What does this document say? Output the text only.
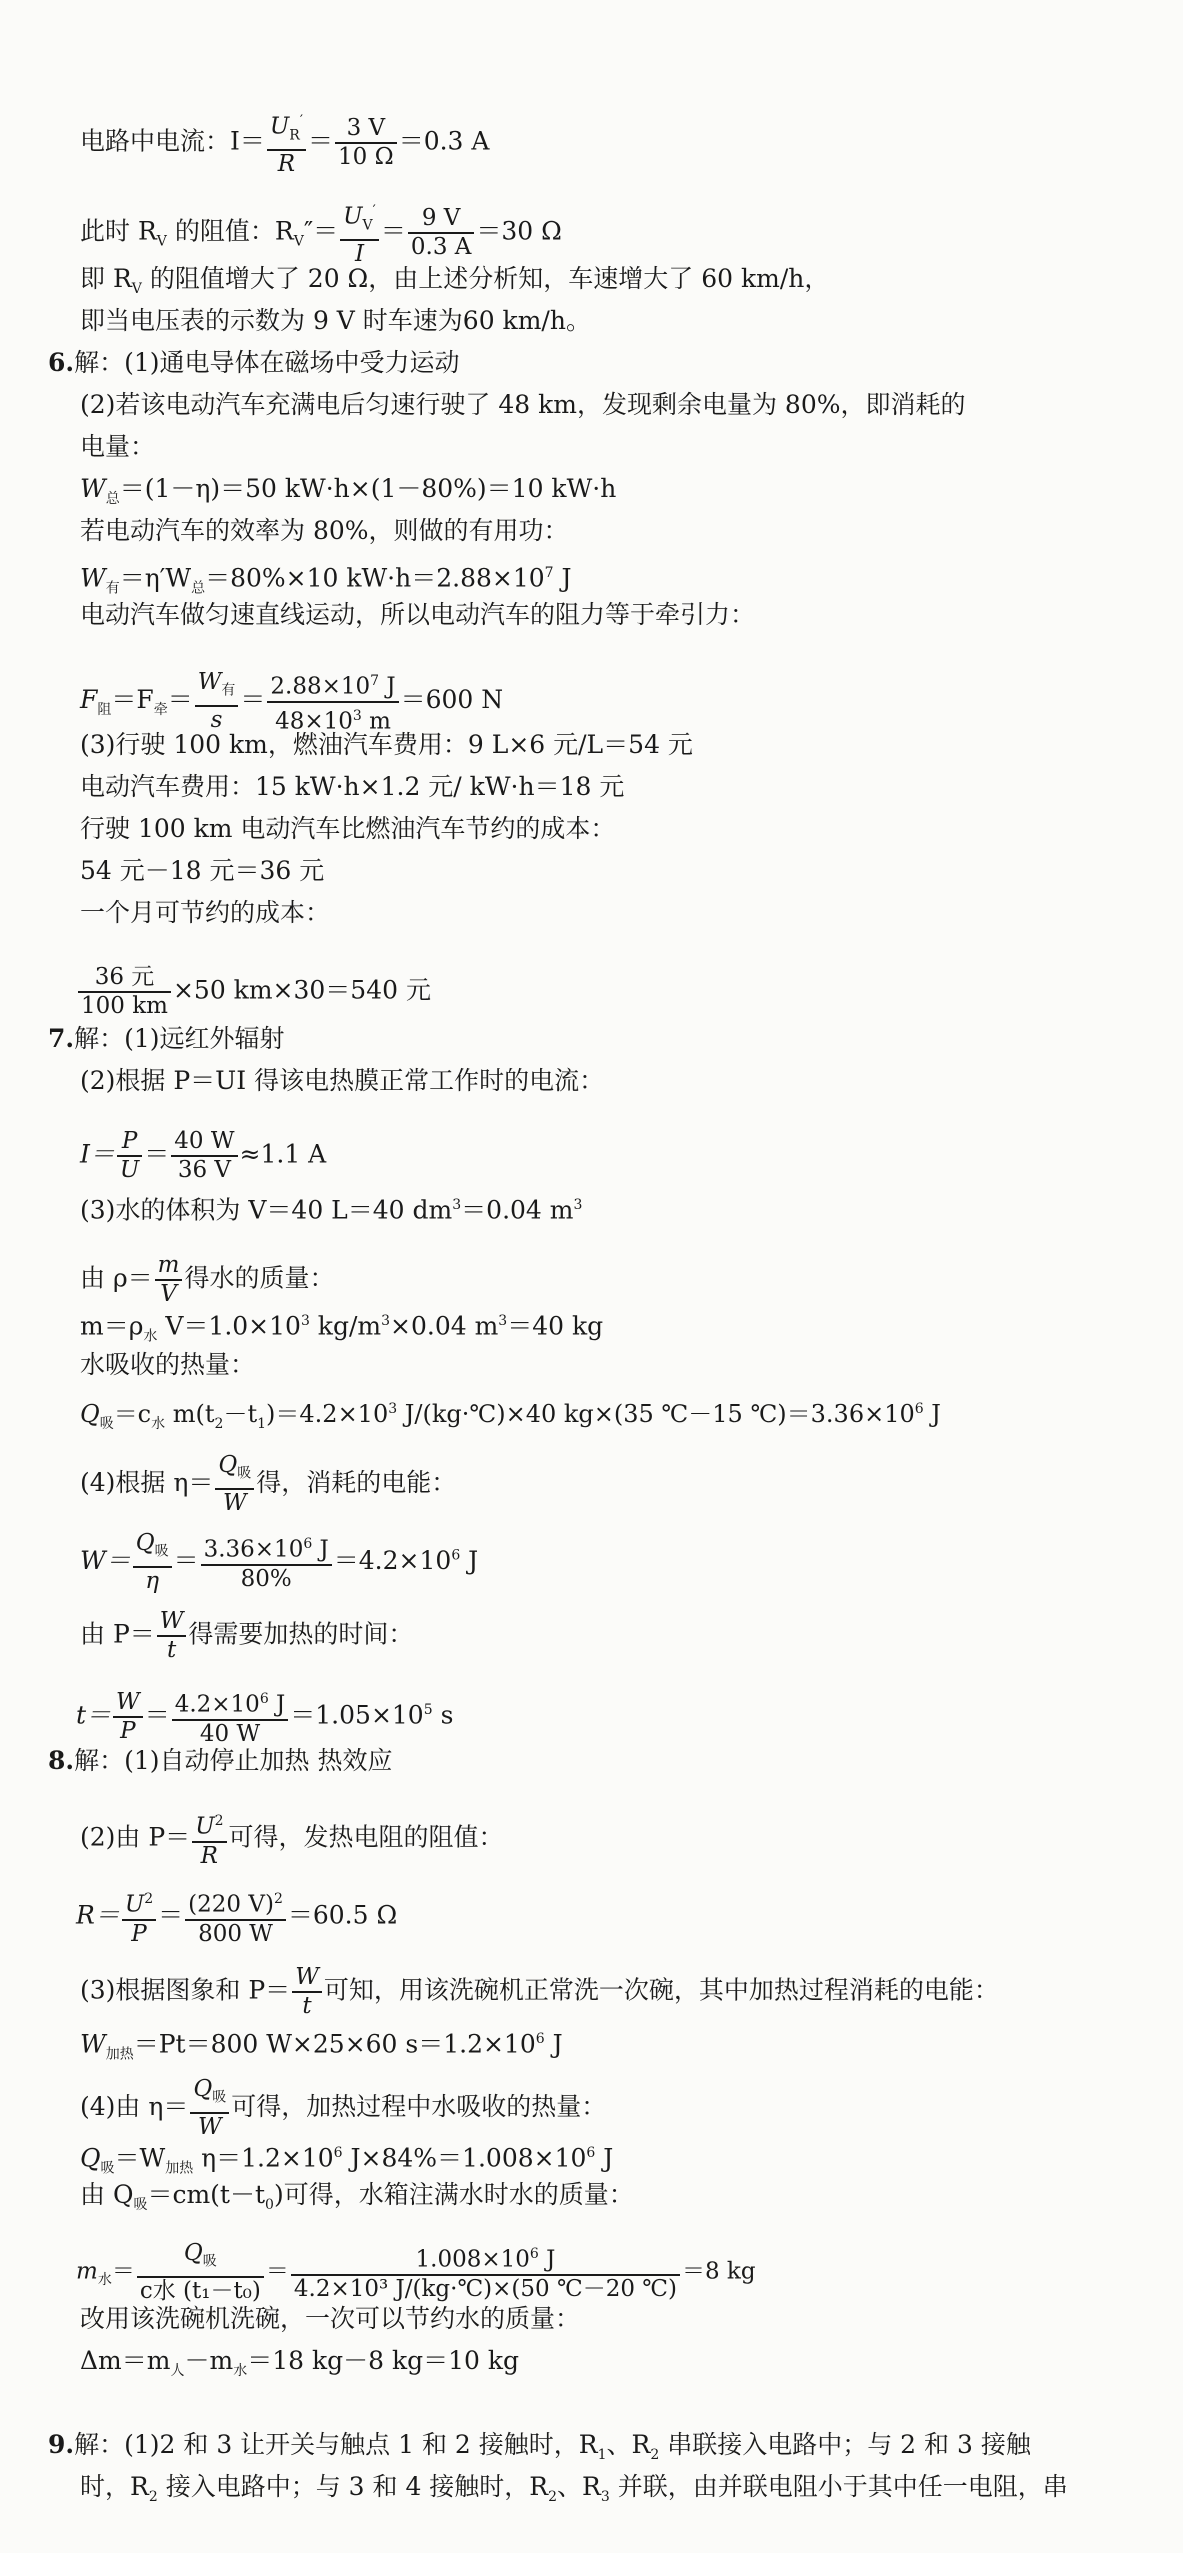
电路中电流：$I= \frac{U_R'}{R} = \frac{3 V}{10 \Omega} =0.3$ A
此时 $R_V$ 的阻值：$R_V''= \frac{U_V'}{I} = \frac{9 V}{0.3 A} =30$ Ω
即 $R_V$ 的阻值增大了 20 Ω，由上述分析知，车速增大了 60 km/h，
即当电压表的示数为 9 V 时车速为60 km/h。
6.解：(1)通电导体在磁场中受力运动
(2)若该电动汽车充满电后匀速行驶了 48 km，发现剩余电量为 80%，即消耗的
电量：
$W_总=(1-\eta)=50$ kW·h×(1－80%)＝10 kW·h
若电动汽车的效率为 80%，则做的有用功：
$W_有=\eta'W_总=80\%\times 10$ $kW\cdot h=2.88\times 10^7$ J
电动汽车做匀速直线运动，所以电动汽车的阻力等于牵引力：
$F_阻=F_牵= \frac{W_有}{s} = \frac{2.88\times 10^7 J}{48\times 10^3 m} =600$ N
(3)行驶 100 km，燃油汽车费用：9 L×6 元/L＝54 元
电动汽车费用：15 kW·h×1.2 元/ kW·h＝18 元
行驶 100 km 电动汽车比燃油汽车节约的成本：
54 元－18 元＝36 元
一个月可节约的成本：
$\frac{\text{36 元}}{100 km} \times 50$ km×30＝540 元
7.解：(1)远红外辐射
(2)根据 P＝UI 得该电热膜正常工作时的电流：
$I= \frac{P}{U} = \frac{40 W}{36 V} \approx 1.1$ A
(3)水的体积为 V＝40 L＝40 $dm^3=0.04$ $m^3$
由 $\rho= \frac{m}{V}$ 得水的质量：
$m=\rho_水$ $V=1.0\times 10^3$ $kg/m^3\times 0.04$ $m^3=40$ kg
水吸收的热量：
$Q_吸=c_水$ $m(t_2-t_1)=4.2\times 10^3$ J/(kg·℃)×40 kg×(35 ℃－15 $℃)=3.36\times 10^6$ J
(4)根据 $\eta= \frac{Q_吸}{W}$ 得，消耗的电能：
$W= \frac{Q_吸}{\eta} = \frac{3.36\times 10^6 J}{80\%} =4.2\times 10^6$ J
由 $P= \frac{W}{t}$ 得需要加热的时间：
$t= \frac{W}{P} = \frac{4.2\times 10^6 J}{40 W} =1.05\times 10^5$ s
8.解：(1)自动停止加热 热效应
(2)由 $P= \frac{U^2}{R}$ 可得，发热电阻的阻值：
$R= \frac{U^2}{P} = \frac{(220 V)^2}{800 W} =60.5$ Ω
(3)根据图象和 $P= \frac{W}{t}$ 可知，用该洗碗机正常洗一次碗，其中加热过程消耗的电能：
$W_{加热}=Pt=800$ W×25×60 $s=1.2\times 10^6$ J
(4)由 $\eta= \frac{Q_吸}{W}$ 可得，加热过程中水吸收的热量：
$Q_吸=W_{加热}$ $\eta=1.2\times 10^6$ $J\times 84\%=1.008\times 10^6$ J
由 $Q_吸=cm(t-t_0)$可得，水箱注满水时水的质量：
$m_水= \frac{Q_吸}{\text{c水 (t₁－t₀)}} = \frac{1.008\times 10^6 J}{\text{4.2×10³ J/(kg·℃)×(50 ℃－20 ℃)}} =8$ kg
改用该洗碗机洗碗，一次可以节约水的质量：
$\Delta m=m_人-m_水=18$ kg－8 kg＝10 kg
9.解：(1)2 和 3 让开关与触点 1 和 2 接触时，$R_1$、$R_2$ 串联接入电路中；与 2 和 3 接触
时，$R_2$ 接入电路中；与 3 和 4 接触时，$R_2$、$R_3$ 并联，由并联电阻小于其中任一电阻，串
